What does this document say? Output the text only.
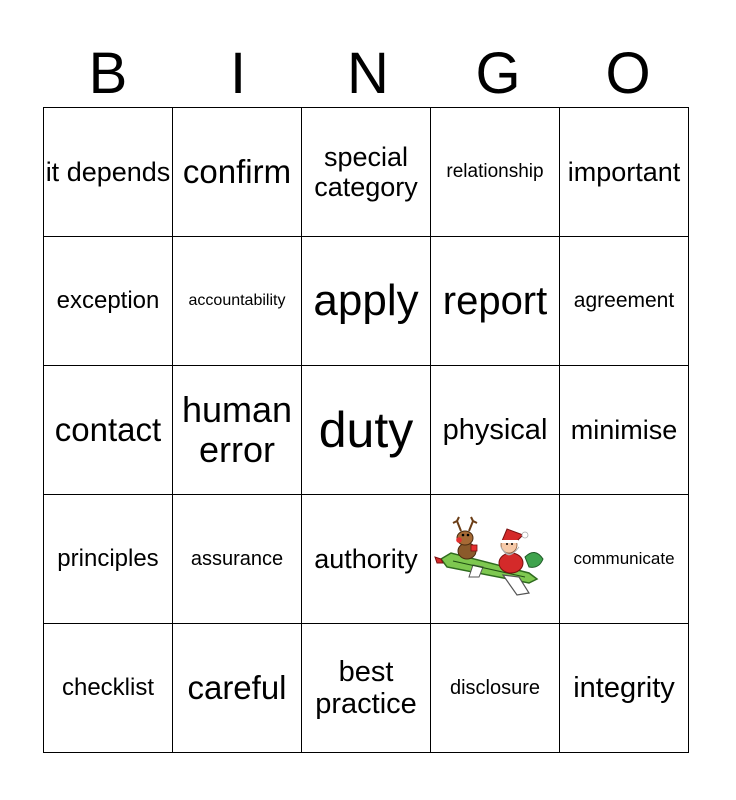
B	I	N	G	O
it depends	confirm	special category	relationship	important
exception	accountability	apply	report	agreement
contact	human error	duty	physical	minimise
principles	assurance	authority		communicate
checklist	careful	best practice	disclosure	integrity
